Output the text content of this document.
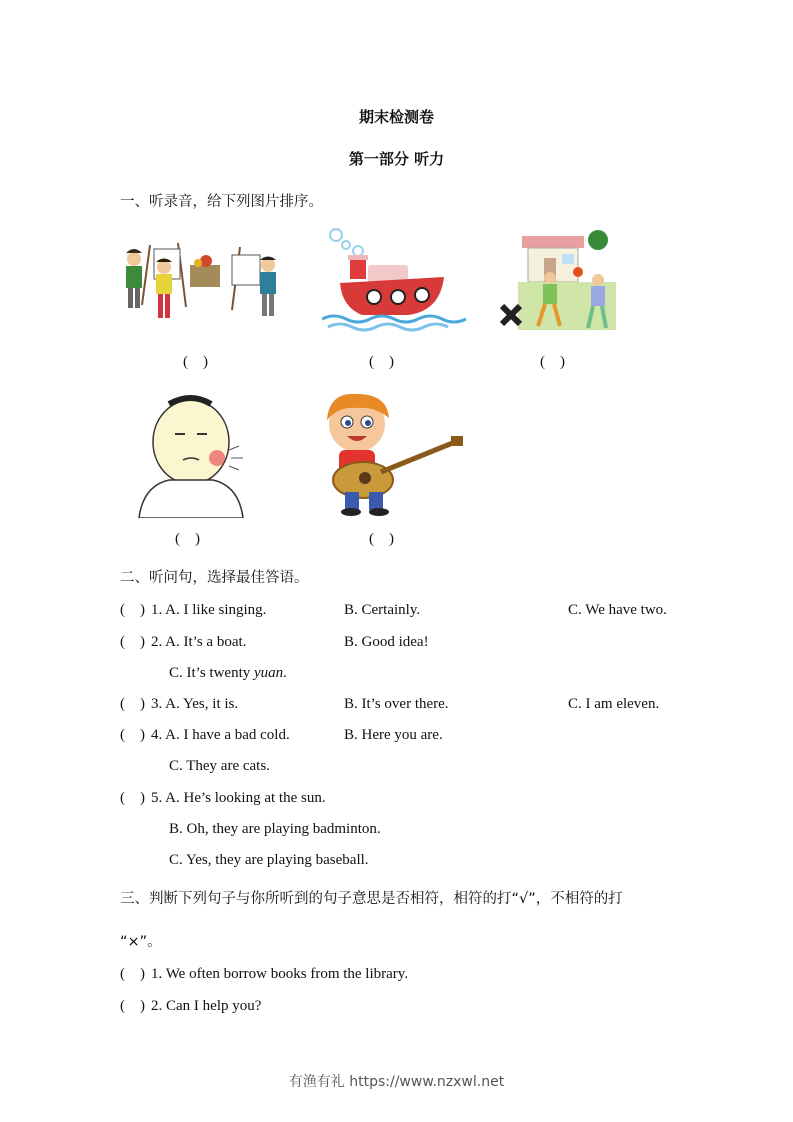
期末检测卷
第一部分 听力
一、听录音，给下列图片排序。
(    )	(    )	(    )
(    )	(    )
二、听问句，选择最佳答语。
(    ) 1. A. I like singing.	B. Certainly.	C. We have two.
(    ) 2. A. It’s a boat.	B. Good idea!
C. It’s twenty yuan.
(    ) 3. A. Yes, it is.	B. It’s over there.	C. I am eleven.
(    ) 4. A. I have a bad cold.	B. Here you are.
C. They are cats.
(    ) 5. A. He’s looking at the sun.
B. Oh, they are playing badminton.
C. Yes, they are playing baseball.
三、判断下列句子与你所听到的句子意思是否相符，相符的打“√”，不相符的打
“×”。
(    ) 1. We often borrow books from the library.
(    ) 2. Can I help you?
有渔有礼 https://www.nzxwl.net
